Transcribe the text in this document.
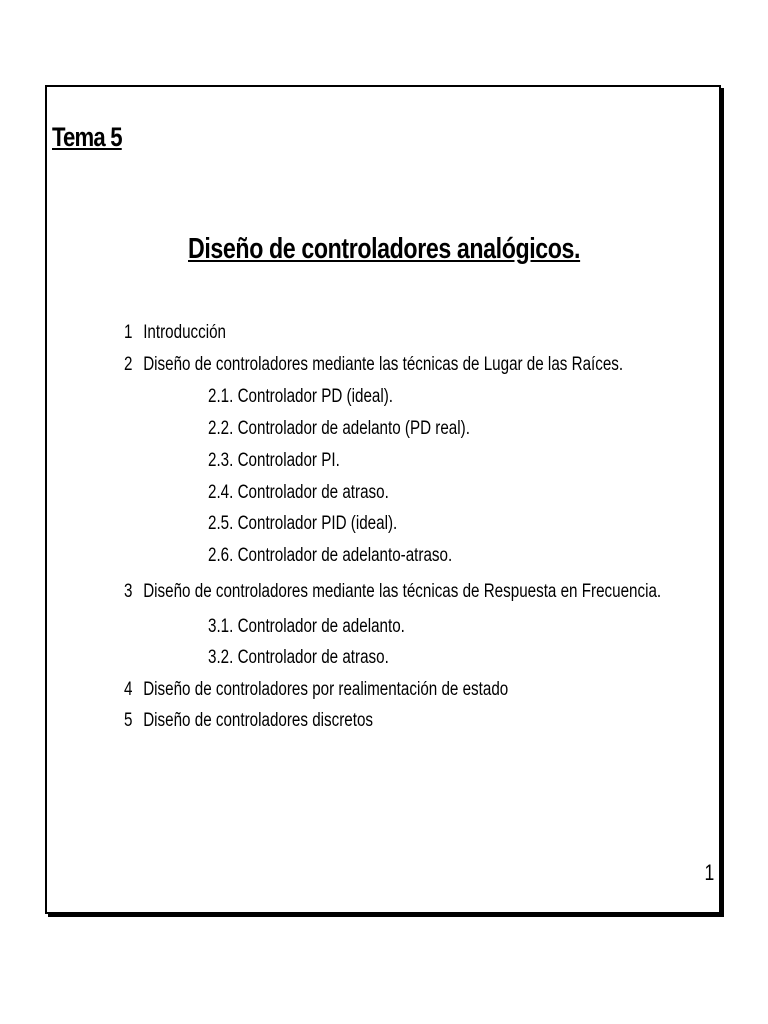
Tema 5
Diseño de controladores analógicos.
1 Introducción
2 Diseño de controladores mediante las técnicas de Lugar de las Raíces.
2.1. Controlador PD (ideal).
2.2. Controlador de adelanto (PD real).
2.3. Controlador PI.
2.4. Controlador de atraso.
2.5. Controlador PID (ideal).
2.6. Controlador de adelanto-atraso.
3 Diseño de controladores mediante las técnicas de Respuesta en Frecuencia.
3.1. Controlador de adelanto.
3.2. Controlador de atraso.
4 Diseño de controladores por realimentación de estado
5 Diseño de controladores discretos
1
